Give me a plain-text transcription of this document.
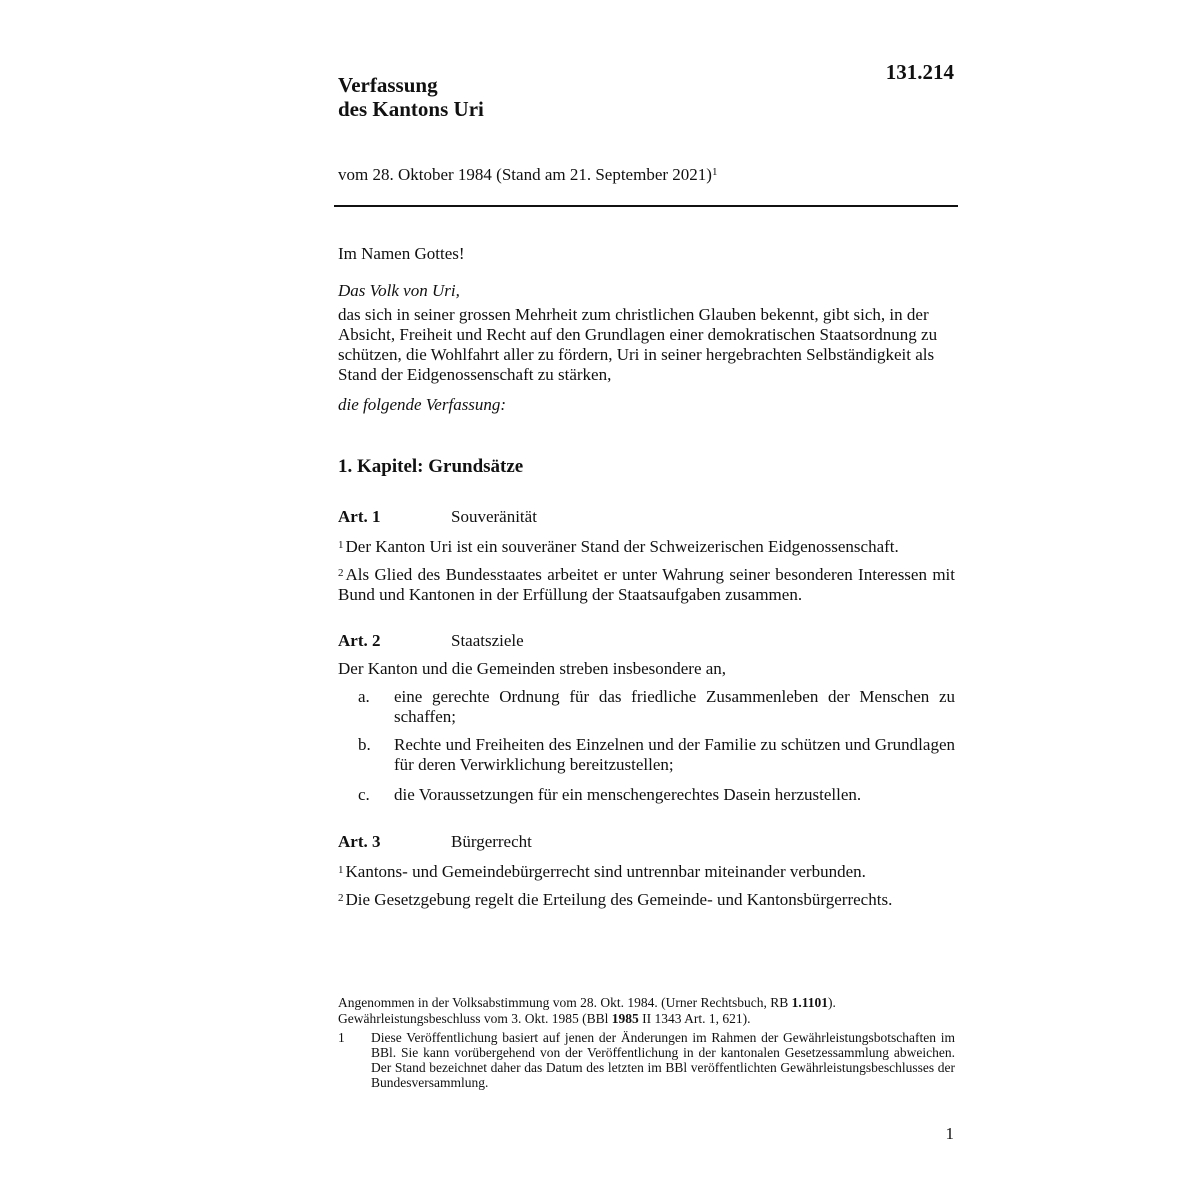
131.214
Verfassung
des Kantons Uri
vom 28. Oktober 1984 (Stand am 21. September 2021)$^1$
Im Namen Gottes!
Das Volk von Uri,
das sich in seiner grossen Mehrheit zum christlichen Glauben bekennt, gibt sich, in der Absicht, Freiheit und Recht auf den Grundlagen einer demokratischen Staatsordnung zu schützen, die Wohlfahrt aller zu fördern, Uri in seiner hergebrachten Selbständigkeit als Stand der Eidgenossenschaft zu stärken,
die folgende Verfassung:
1. Kapitel: Grundsätze
Art. 1	Souveränität
$^1$ Der Kanton Uri ist ein souveräner Stand der Schweizerischen Eidgenossenschaft.
$^2$ Als Glied des Bundesstaates arbeitet er unter Wahrung seiner besonderen Interessen mit Bund und Kantonen in der Erfüllung der Staatsaufgaben zusammen.
Art. 2	Staatsziele
Der Kanton und die Gemeinden streben insbesondere an,
a. eine gerechte Ordnung für das friedliche Zusammenleben der Menschen zu schaffen;
b. Rechte und Freiheiten des Einzelnen und der Familie zu schützen und Grundlagen für deren Verwirklichung bereitzustellen;
c. die Voraussetzungen für ein menschengerechtes Dasein herzustellen.
Art. 3	Bürgerrecht
$^1$ Kantons- und Gemeindebürgerrecht sind untrennbar miteinander verbunden.
$^2$ Die Gesetzgebung regelt die Erteilung des Gemeinde- und Kantonsbürgerrechts.
Angenommen in der Volksabstimmung vom 28. Okt. 1984. (Urner Rechtsbuch, RB 1.1101).
Gewährleistungsbeschluss vom 3. Okt. 1985 (BBl 1985 II 1343 Art. 1, 621).
1 Diese Veröffentlichung basiert auf jenen der Änderungen im Rahmen der Gewährleistungsbotschaften im BBl. Sie kann vorübergehend von der Veröffentlichung in der kantonalen Gesetzessammlung abweichen. Der Stand bezeichnet daher das Datum des letzten im BBl veröffentlichten Gewährleistungsbeschlusses der Bundesversammlung.
1
